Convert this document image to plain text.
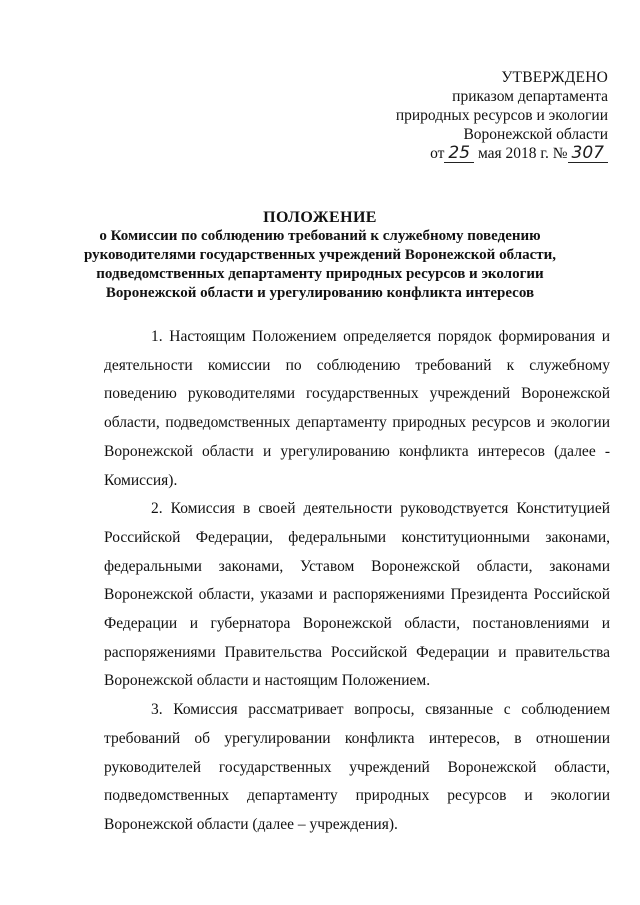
УТВЕРЖДЕНО
приказом департамента
природных ресурсов и экологии
Воронежской области
от 25 мая 2018 г. № 307
ПОЛОЖЕНИЕ
о Комиссии по соблюдению требований к служебному поведению
руководителями государственных учреждений Воронежской области,
подведомственных департаменту природных ресурсов и экологии
Воронежской области и урегулированию конфликта интересов

1. Настоящим Положением определяется порядок формирования и деятельности комиссии по соблюдению требований к служебному поведению руководителями государственных учреждений Воронежской области, подведомственных департаменту природных ресурсов и экологии Воронежской области и урегулированию конфликта интересов (далее - Комиссия).

2. Комиссия в своей деятельности руководствуется Конституцией Российской Федерации, федеральными конституционными законами, федеральными законами, Уставом Воронежской области, законами Воронежской области, указами и распоряжениями Президента Российской Федерации и губернатора Воронежской области, постановлениями и распоряжениями Правительства Российской Федерации и правительства Воронежской области и настоящим Положением.

3. Комиссия рассматривает вопросы, связанные с соблюдением требований об урегулировании конфликта интересов, в отношении руководителей государственных учреждений Воронежской области, подведомственных департаменту природных ресурсов и экологии Воронежской области (далее – учреждения).
